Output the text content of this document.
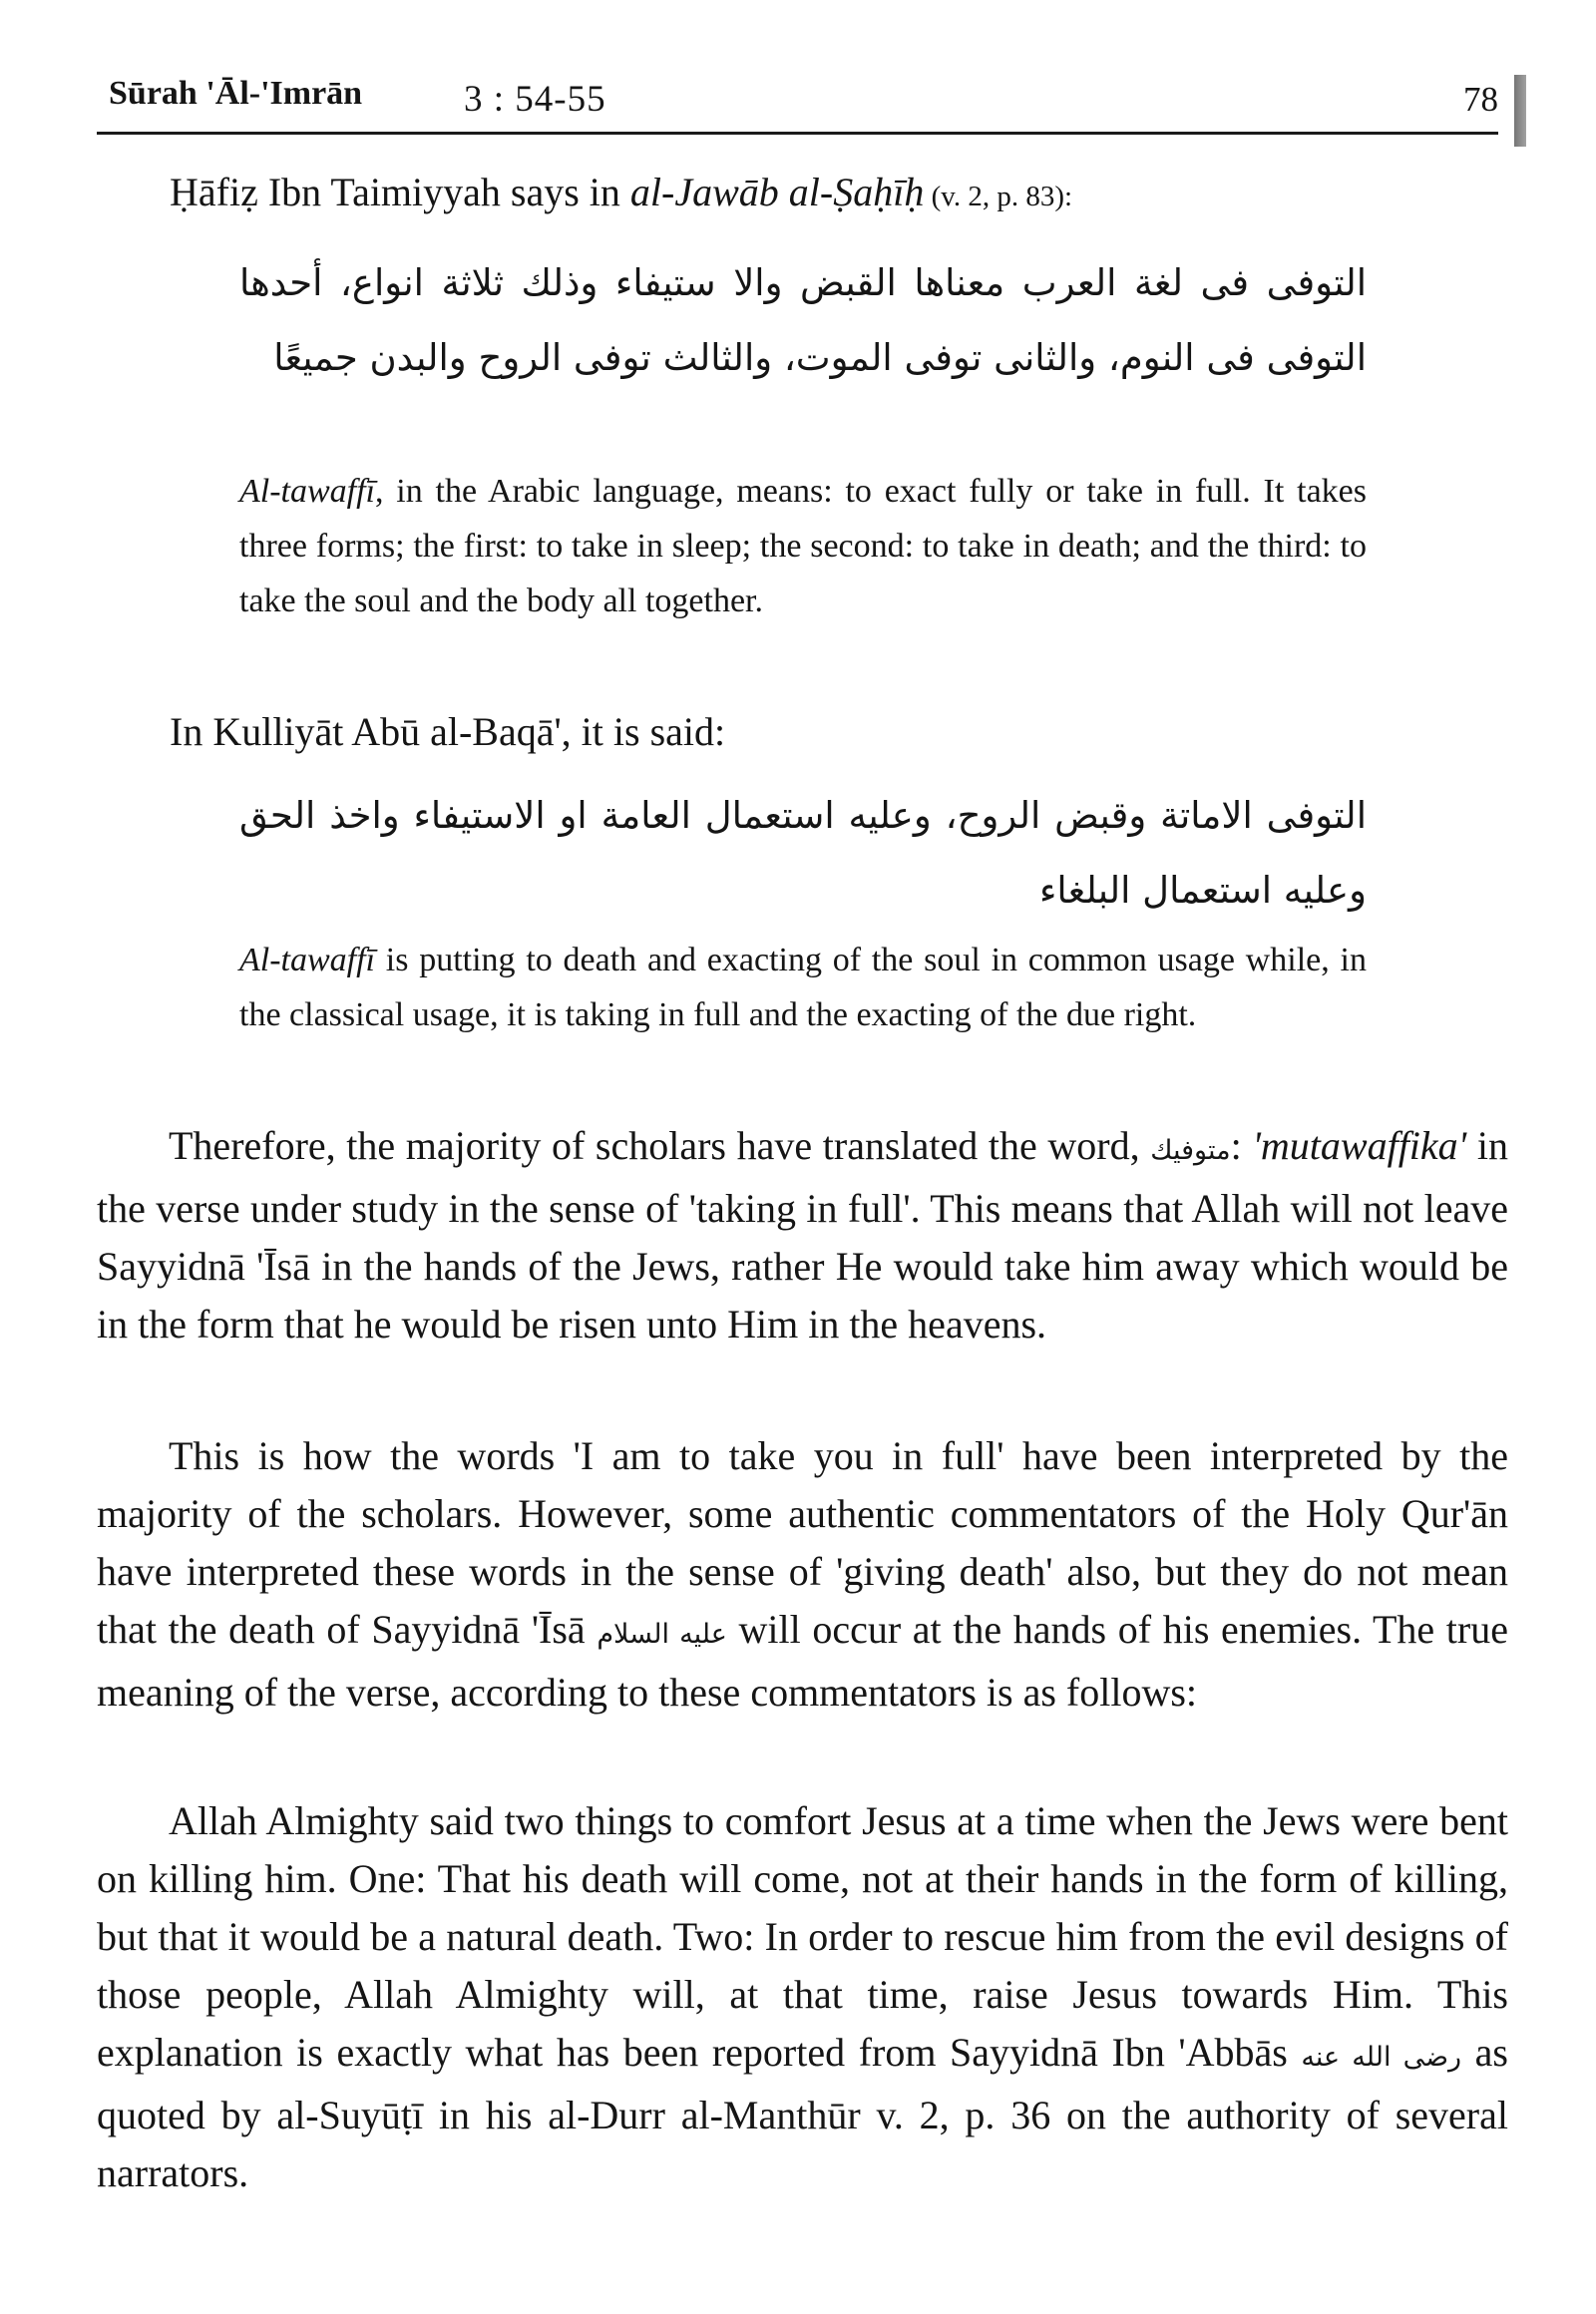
Sūrah 'Āl-'Imrān	3 : 54-55	78
Ḥāfiẓ Ibn Taimiyyah says in al-Jawāb al-Ṣaḥīḥ (v. 2, p. 83):
التوفى فى لغة العرب معناها القبض والا ستيفاء وذلك ثلاثة انواع، أحدها التوفى فى النوم، والثانى توفى الموت، والثالث توفى الروح والبدن جميعًا
Al-tawaffī, in the Arabic language, means: to exact fully or take in full. It takes three forms; the first: to take in sleep; the second: to take in death; and the third: to take the soul and the body all together.
In Kulliyāt Abū al-Baqā', it is said:
التوفى الاماتة وقبض الروح، وعليه استعمال العامة او الاستيفاء واخذ الحق وعليه استعمال البلغاء
Al-tawaffī is putting to death and exacting of the soul in common usage while, in the classical usage, it is taking in full and the exacting of the due right.
Therefore, the majority of scholars have translated the word, متوفيك: 'mutawaffika' in the verse under study in the sense of 'taking in full'. This means that Allah will not leave Sayyidnā 'Īsā in the hands of the Jews, rather He would take him away which would be in the form that he would be risen unto Him in the heavens.
This is how the words 'I am to take you in full' have been interpreted by the majority of the scholars. However, some authentic commentators of the Holy Qur'ān have interpreted these words in the sense of 'giving death' also, but they do not mean that the death of Sayyidnā 'Īsā عليه السلام will occur at the hands of his enemies. The true meaning of the verse, according to these commentators is as follows:
Allah Almighty said two things to comfort Jesus at a time when the Jews were bent on killing him. One: That his death will come, not at their hands in the form of killing, but that it would be a natural death. Two: In order to rescue him from the evil designs of those people, Allah Almighty will, at that time, raise Jesus towards Him. This explanation is exactly what has been reported from Sayyidnā Ibn 'Abbās رضى الله عنه as quoted by al-Suyūṭī in his al-Durr al-Manthūr v. 2, p. 36 on the authority of several narrators.
